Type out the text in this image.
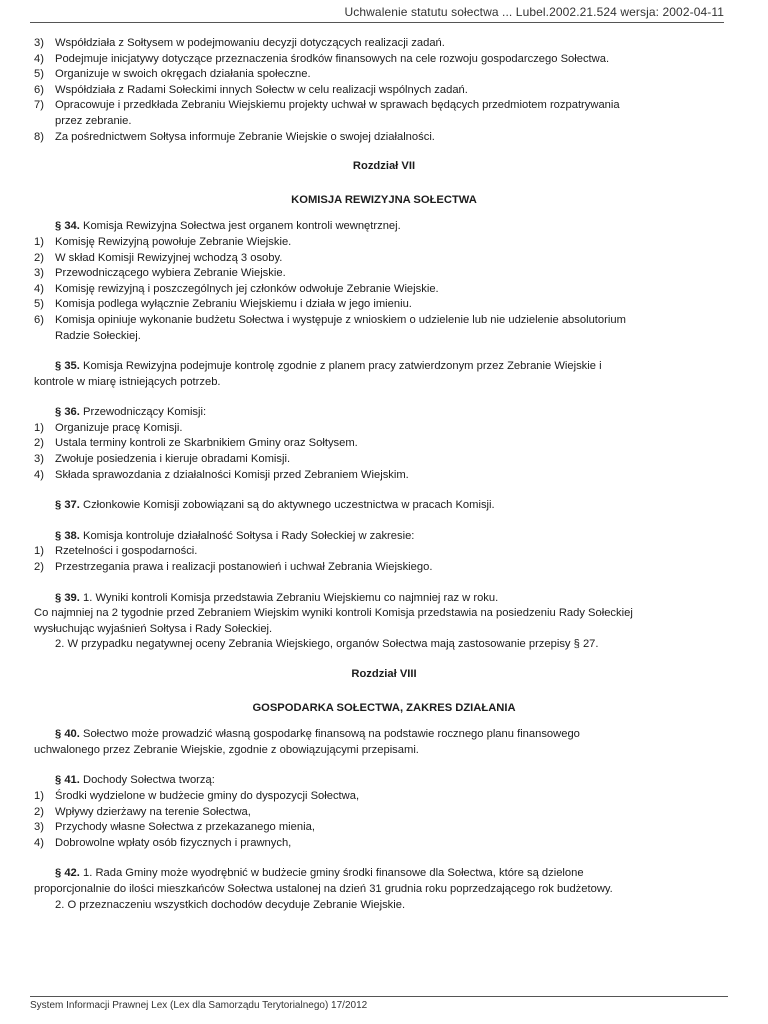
Uchwalenie statutu sołectwa ... Lubel.2002.21.524 wersja: 2002-04-11
3) Współdziała z Sołtysem w podejmowaniu decyzji dotyczących realizacji zadań.
4) Podejmuje inicjatywy dotyczące przeznaczenia środków finansowych na cele rozwoju gospodarczego Sołectwa.
5) Organizuje w swoich okręgach działania społeczne.
6) Współdziała z Radami Sołeckimi innych Sołectw w celu realizacji wspólnych zadań.
7) Opracowuje i przedkłada Zebraniu Wiejskiemu projekty uchwał w sprawach będących przedmiotem rozpatrywania
przez zebranie.
8) Za pośrednictwem Sołtysa informuje Zebranie Wiejskie o swojej działalności.
Rozdział VII
KOMISJA REWIZYJNA SOŁECTWA
§ 34. Komisja Rewizyjna Sołectwa jest organem kontroli wewnętrznej.
1) Komisję Rewizyjną powołuje Zebranie Wiejskie.
2) W skład Komisji Rewizyjnej wchodzą 3 osoby.
3) Przewodniczącego wybiera Zebranie Wiejskie.
4) Komisję rewizyjną i poszczególnych jej członków odwołuje Zebranie Wiejskie.
5) Komisja podlega wyłącznie Zebraniu Wiejskiemu i działa w jego imieniu.
6) Komisja opiniuje wykonanie budżetu Sołectwa i występuje z wnioskiem o udzielenie lub nie udzielenie absolutorium
Radzie Sołeckiej.
§ 35. Komisja Rewizyjna podejmuje kontrolę zgodnie z planem pracy zatwierdzonym przez Zebranie Wiejskie i
kontrole w miarę istniejących potrzeb.
§ 36. Przewodniczący Komisji:
1) Organizuje pracę Komisji.
2) Ustala terminy kontroli ze Skarbnikiem Gminy oraz Sołtysem.
3) Zwołuje posiedzenia i kieruje obradami Komisji.
4) Składa sprawozdania z działalności Komisji przed Zebraniem Wiejskim.
§ 37. Członkowie Komisji zobowiązani są do aktywnego uczestnictwa w pracach Komisji.
§ 38. Komisja kontroluje działalność Sołtysa i Rady Sołeckiej w zakresie:
1) Rzetelności i gospodarności.
2) Przestrzegania prawa i realizacji postanowień i uchwał Zebrania Wiejskiego.
§ 39. 1. Wyniki kontroli Komisja przedstawia Zebraniu Wiejskiemu co najmniej raz w roku.
Co najmniej na 2 tygodnie przed Zebraniem Wiejskim wyniki kontroli Komisja przedstawia na posiedzeniu Rady Sołeckiej
wysłuchując wyjaśnień Sołtysa i Rady Sołeckiej.
2. W przypadku negatywnej oceny Zebrania Wiejskiego, organów Sołectwa mają zastosowanie przepisy § 27.
Rozdział VIII
GOSPODARKA SOŁECTWA, ZAKRES DZIAŁANIA
§ 40. Sołectwo może prowadzić własną gospodarkę finansową na podstawie rocznego planu finansowego
uchwalonego przez Zebranie Wiejskie, zgodnie z obowiązującymi przepisami.
§ 41. Dochody Sołectwa tworzą:
1) Środki wydzielone w budżecie gminy do dyspozycji Sołectwa,
2) Wpływy dzierżawy na terenie Sołectwa,
3) Przychody własne Sołectwa z przekazanego mienia,
4) Dobrowolne wpłaty osób fizycznych i prawnych,
§ 42. 1. Rada Gminy może wyodrębnić w budżecie gminy środki finansowe dla Sołectwa, które są dzielone
proporcjonalnie do ilości mieszkańców Sołectwa ustalonej na dzień 31 grudnia roku poprzedzającego rok budżetowy.
2. O przeznaczeniu wszystkich dochodów decyduje Zebranie Wiejskie.
System Informacji Prawnej Lex (Lex dla Samorządu Terytorialnego) 17/2012
